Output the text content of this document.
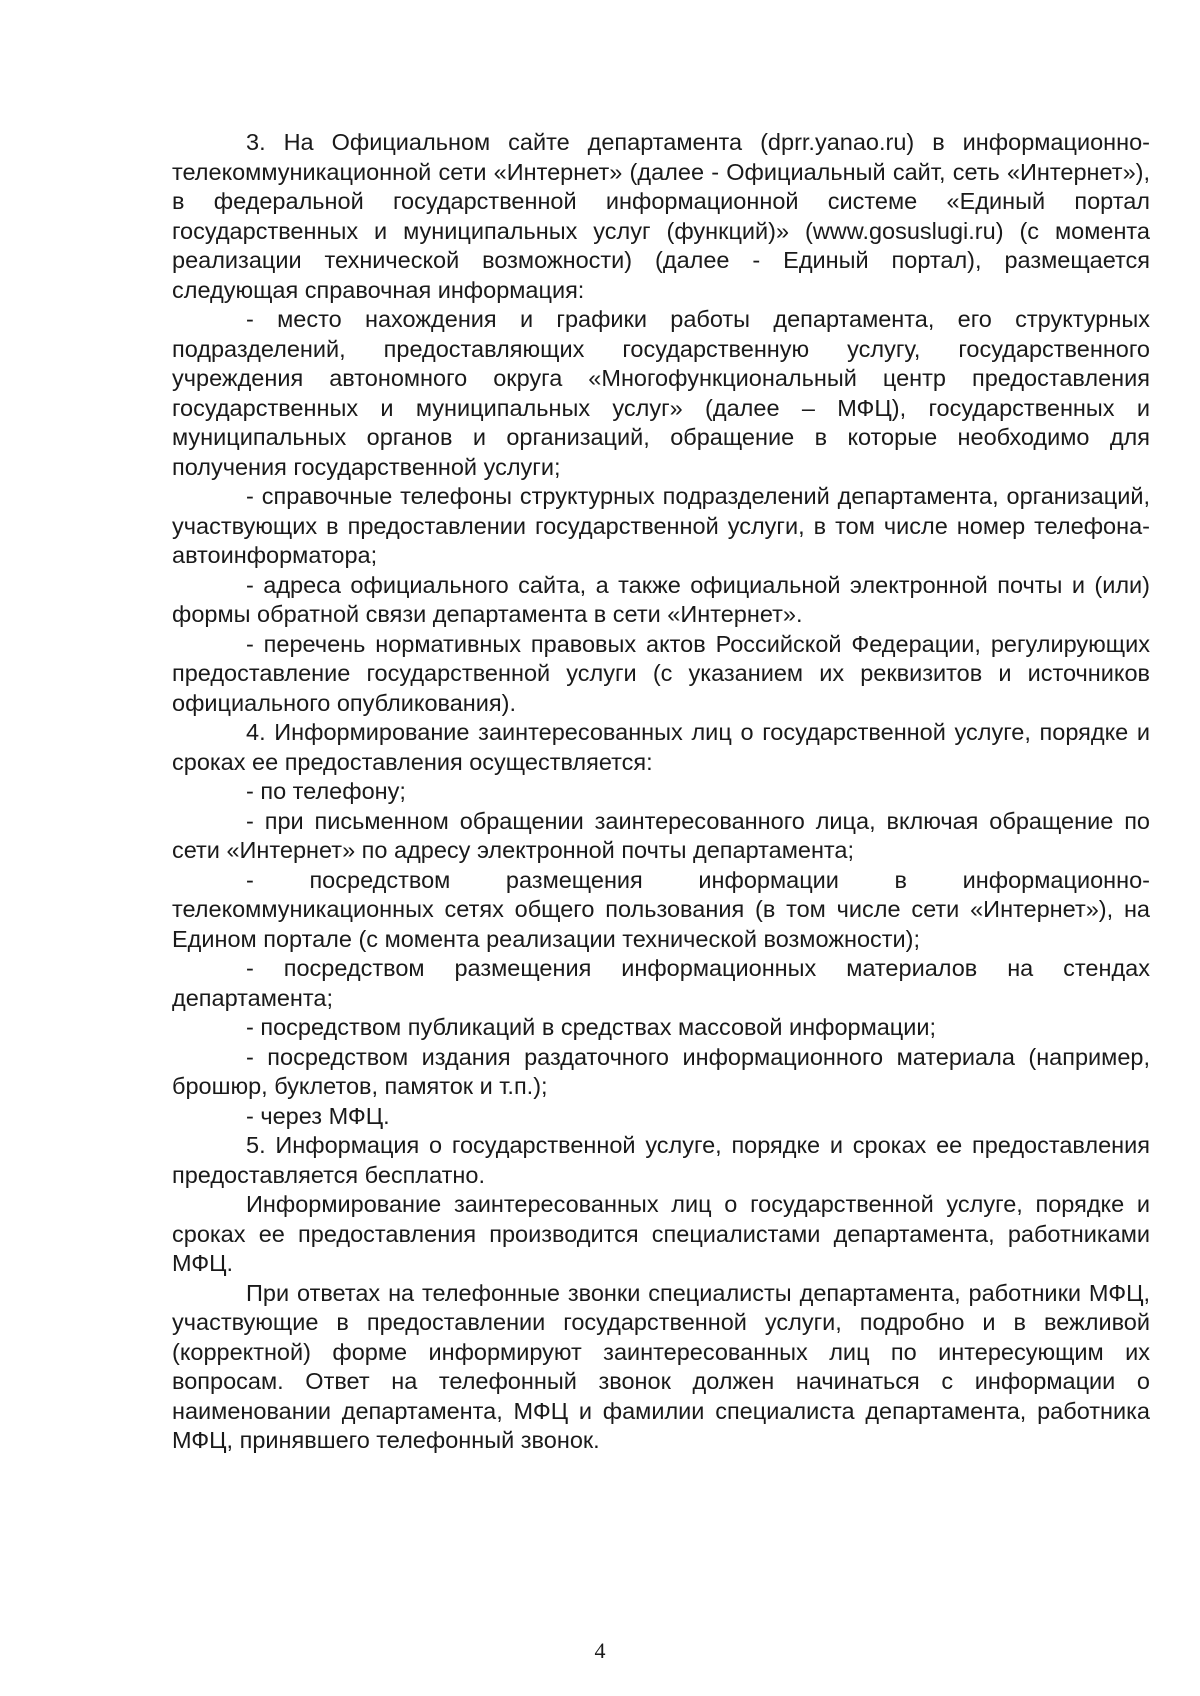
3. На Официальном сайте департамента (dprr.yanao.ru) в информационно-телекоммуникационной сети «Интернет» (далее - Официальный сайт, сеть «Интернет»), в федеральной государственной информационной системе «Единый портал государственных и муниципальных услуг (функций)» (www.gosuslugi.ru) (с момента реализации технической возможности) (далее - Единый портал), размещается следующая справочная информация:

- место нахождения и графики работы департамента, его структурных подразделений, предоставляющих государственную услугу, государственного учреждения автономного округа «Многофункциональный центр предоставления государственных и муниципальных услуг» (далее – МФЦ), государственных и муниципальных органов и организаций, обращение в которые необходимо для получения государственной услуги;

- справочные телефоны структурных подразделений департамента, организаций, участвующих в предоставлении государственной услуги, в том числе номер телефона-автоинформатора;

- адреса официального сайта, а также официальной электронной почты и (или) формы обратной связи департамента в сети «Интернет».

- перечень нормативных правовых актов Российской Федерации, регулирующих предоставление государственной услуги (с указанием их реквизитов и источников официального опубликования).

4. Информирование заинтересованных лиц о государственной услуге, порядке и сроках ее предоставления осуществляется:

- по телефону;

- при письменном обращении заинтересованного лица, включая обращение по сети «Интернет» по адресу электронной почты департамента;

- посредством размещения информации в информационно-телекоммуникационных сетях общего пользования (в том числе сети «Интернет»), на Едином портале (с момента реализации технической возможности);

- посредством размещения информационных материалов на стендах департамента;

- посредством публикаций в средствах массовой информации;

- посредством издания раздаточного информационного материала (например, брошюр, буклетов, памяток и т.п.);

- через МФЦ.

5. Информация о государственной услуге, порядке и сроках ее предоставления предоставляется бесплатно.

Информирование заинтересованных лиц о государственной услуге, порядке и сроках ее предоставления производится специалистами департамента, работниками МФЦ.

При ответах на телефонные звонки специалисты департамента, работники МФЦ, участвующие в предоставлении государственной услуги, подробно и в вежливой (корректной) форме информируют заинтересованных лиц по интересующим их вопросам. Ответ на телефонный звонок должен начинаться с информации о наименовании департамента, МФЦ и фамилии специалиста департамента, работника МФЦ, принявшего телефонный звонок.

4
